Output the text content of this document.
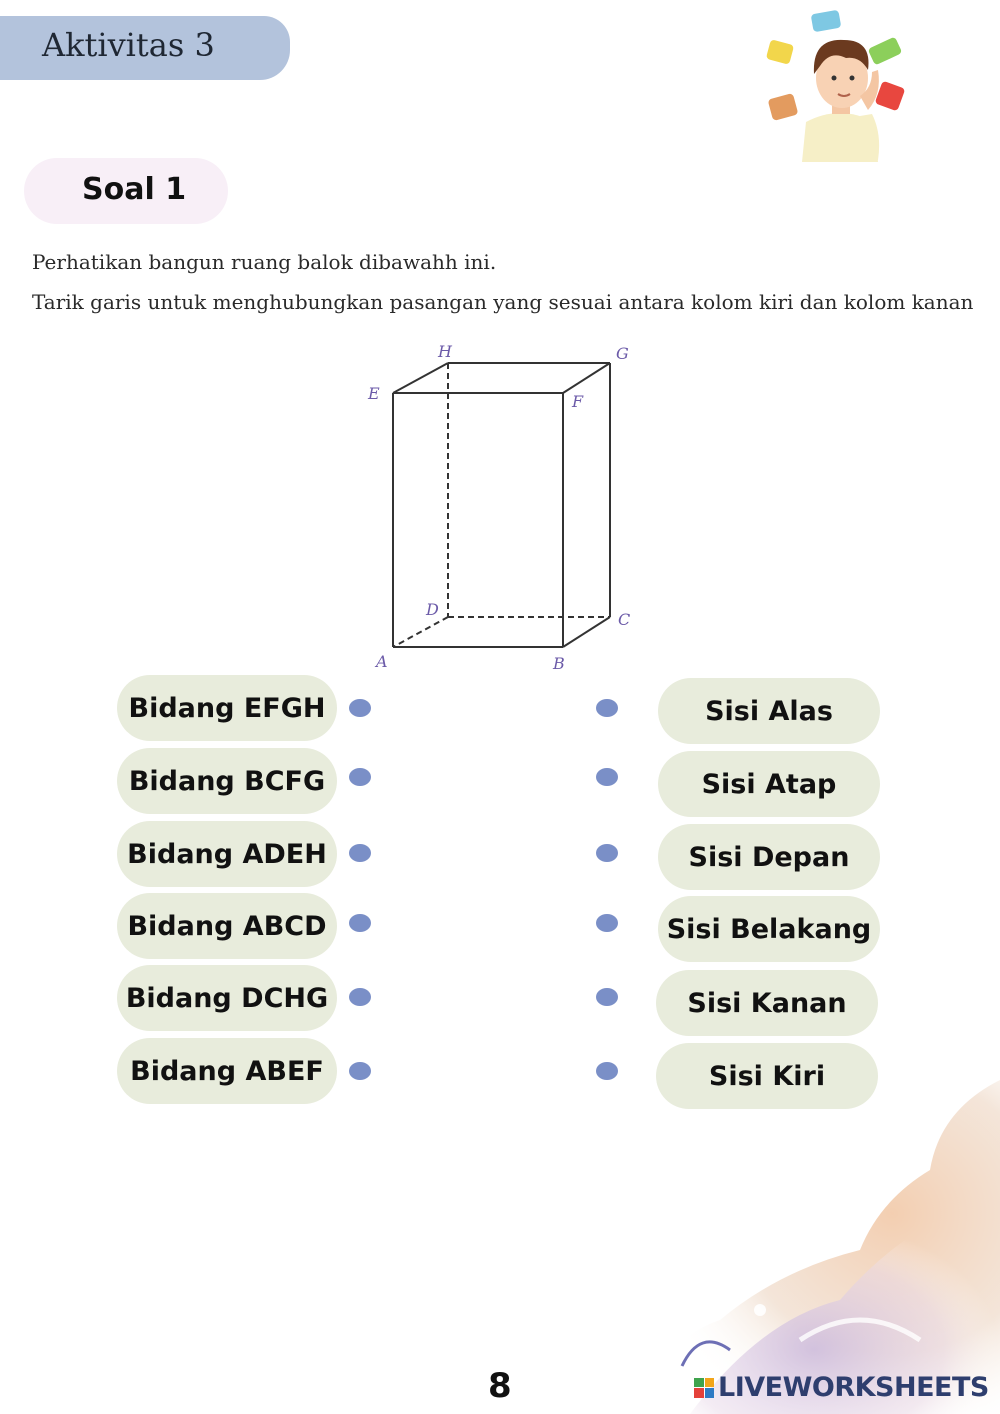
Aktivitas 3
Soal 1
Perhatikan bangun ruang balok dibawahh ini.
Tarik garis untuk menghubungkan pasangan yang sesuai antara kolom kiri dan kolom kanan
H	G
E	F
D
C
A	B
Bidang EFGH
Bidang BCFG
Bidang ADEH
Bidang ABCD
Bidang DCHG
Bidang ABEF
Sisi Alas
Sisi Atap
Sisi Depan
Sisi Belakang
Sisi Kanan
Sisi Kiri
8	LIVEWORKSHEETS
